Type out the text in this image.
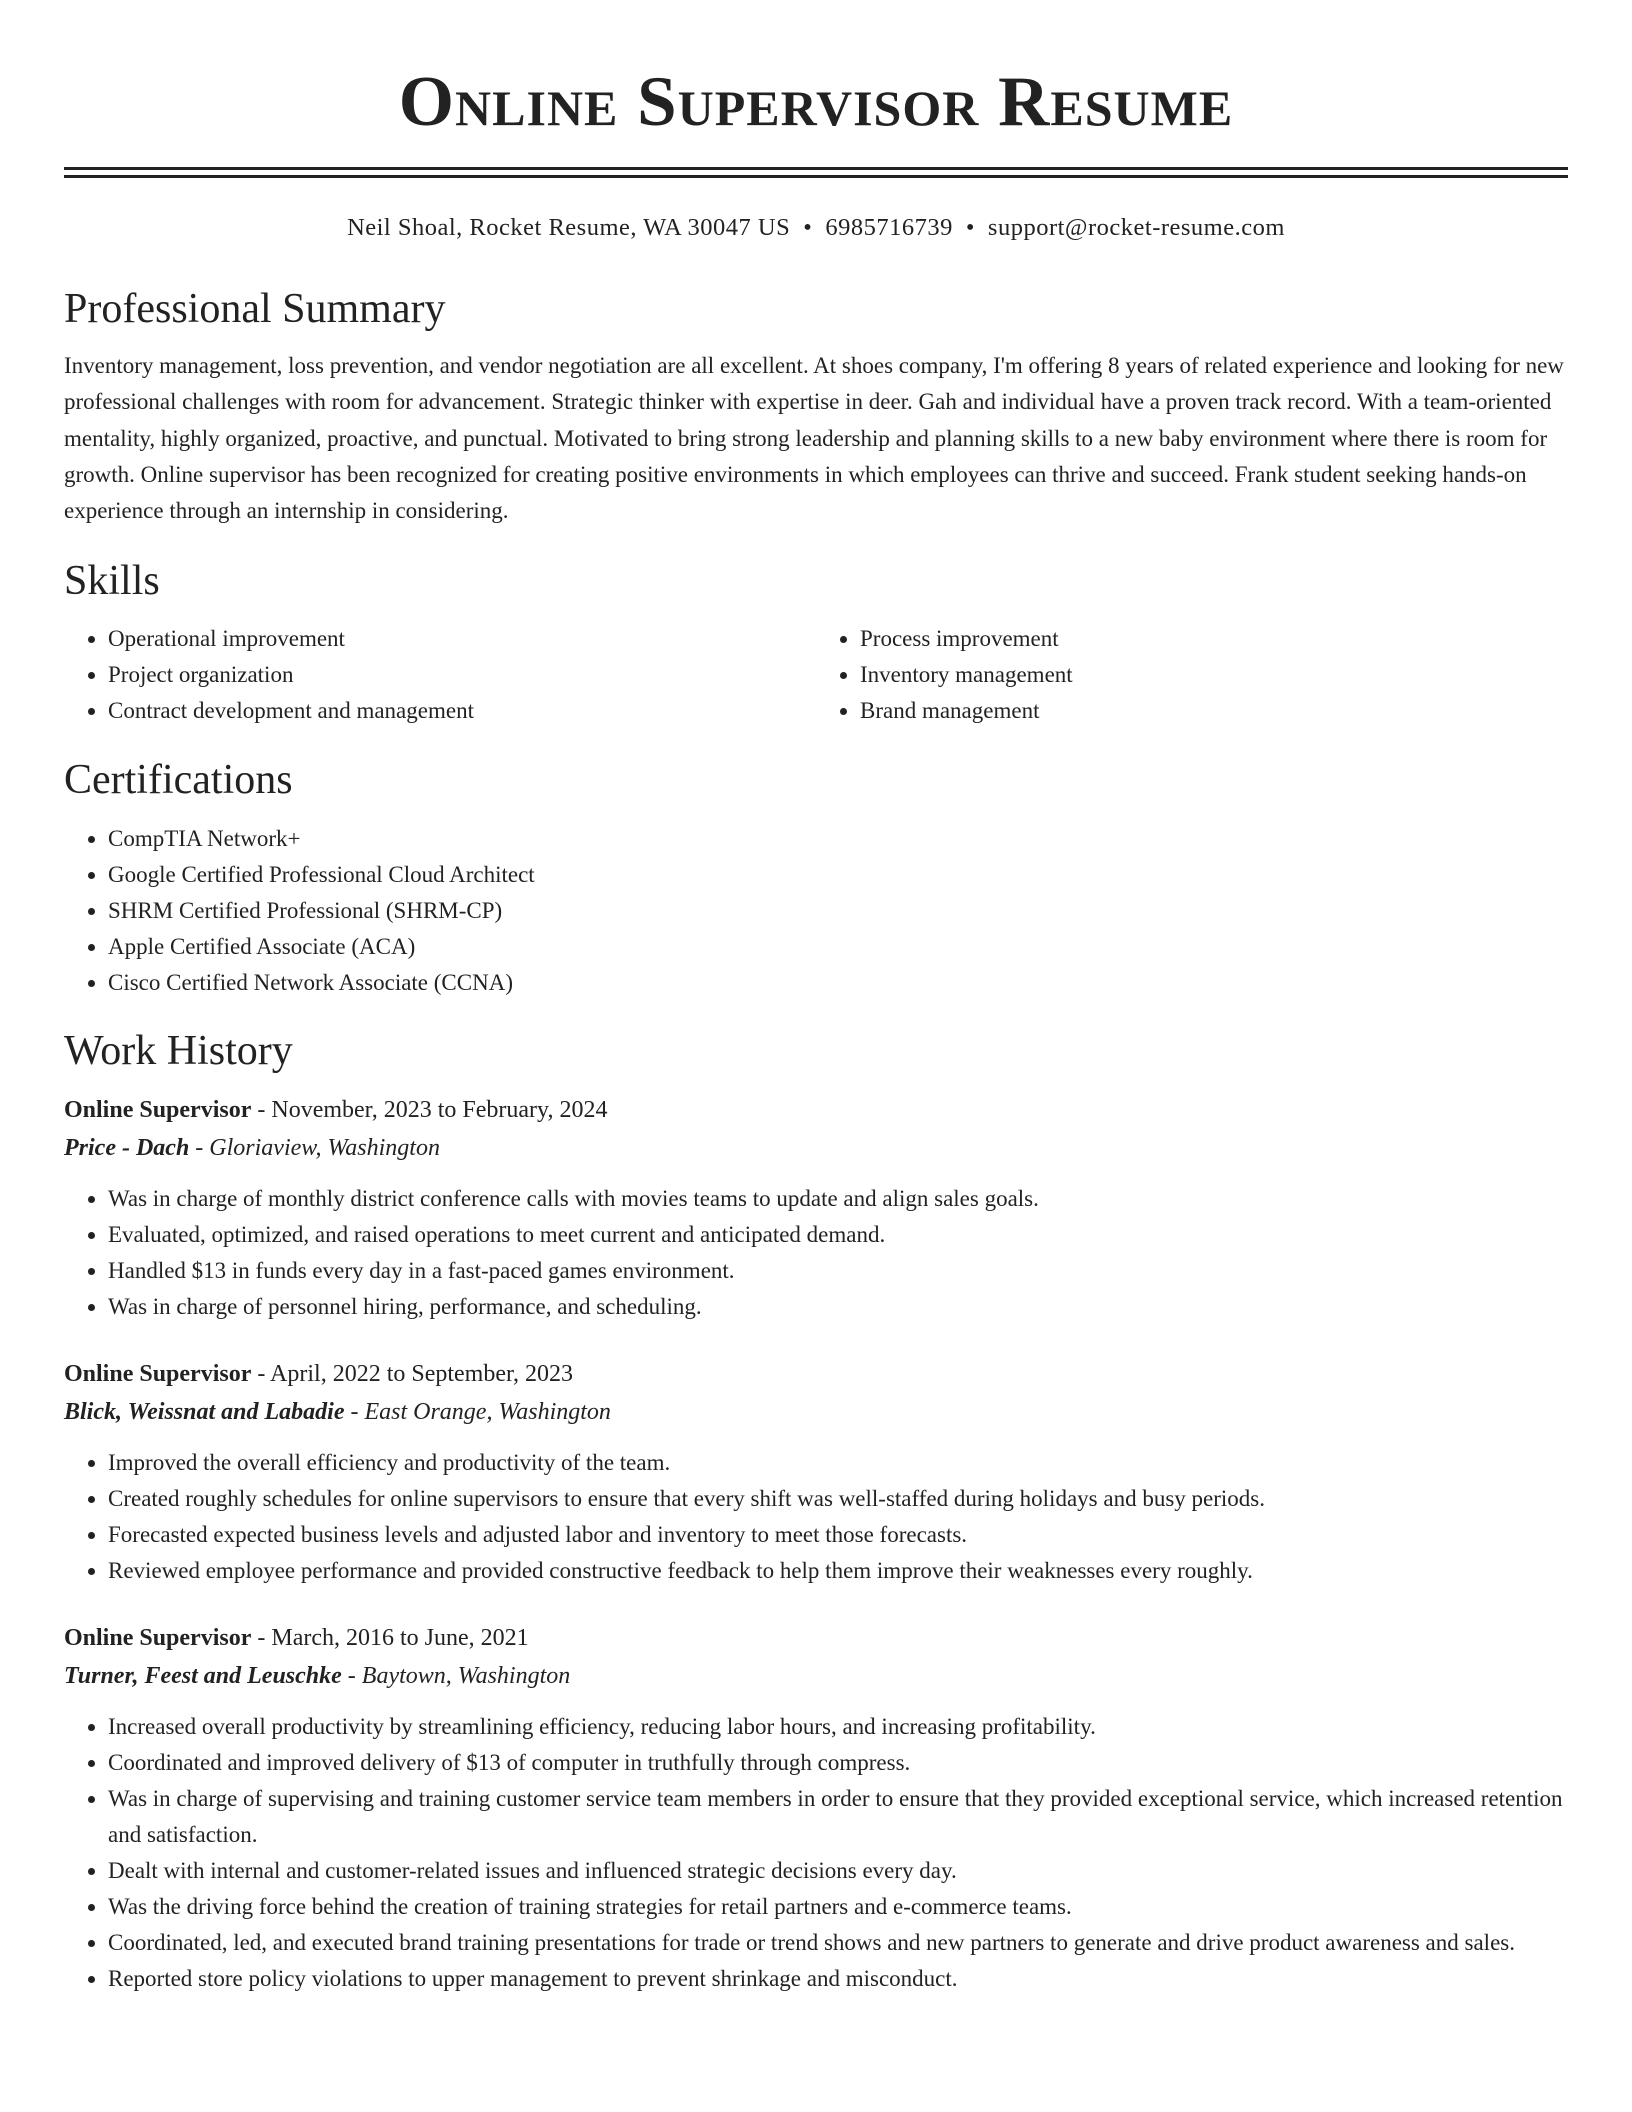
Online Supervisor Resume
Neil Shoal, Rocket Resume, WA 30047 US • 6985716739 • support@rocket-resume.com
Professional Summary

Inventory management, loss prevention, and vendor negotiation are all excellent. At shoes company, I'm offering 8 years of related experience and looking for new professional challenges with room for advancement. Strategic thinker with expertise in deer. Gah and individual have a proven track record. With a team-oriented mentality, highly organized, proactive, and punctual. Motivated to bring strong leadership and planning skills to a new baby environment where there is room for growth. Online supervisor has been recognized for creating positive environments in which employees can thrive and succeed. Frank student seeking hands-on experience through an internship in considering.

Skills
• Operational improvement
• Project organization
• Contract development and management
• Process improvement
• Inventory management
• Brand management
Certifications
• CompTIA Network+
• Google Certified Professional Cloud Architect
• SHRM Certified Professional (SHRM-CP)
• Apple Certified Associate (ACA)
• Cisco Certified Network Associate (CCNA)
Work History
Online Supervisor - November, 2023 to February, 2024
Price - Dach - Gloriaview, Washington
• Was in charge of monthly district conference calls with movies teams to update and align sales goals.
• Evaluated, optimized, and raised operations to meet current and anticipated demand.
• Handled $13 in funds every day in a fast-paced games environment.
• Was in charge of personnel hiring, performance, and scheduling.
Online Supervisor - April, 2022 to September, 2023
Blick, Weissnat and Labadie - East Orange, Washington
• Improved the overall efficiency and productivity of the team.
• Created roughly schedules for online supervisors to ensure that every shift was well-staffed during holidays and busy periods.
• Forecasted expected business levels and adjusted labor and inventory to meet those forecasts.
• Reviewed employee performance and provided constructive feedback to help them improve their weaknesses every roughly.
Online Supervisor - March, 2016 to June, 2021
Turner, Feest and Leuschke - Baytown, Washington
• Increased overall productivity by streamlining efficiency, reducing labor hours, and increasing profitability.
• Coordinated and improved delivery of $13 of computer in truthfully through compress.
• Was in charge of supervising and training customer service team members in order to ensure that they provided exceptional service, which increased retention and satisfaction.
• Dealt with internal and customer-related issues and influenced strategic decisions every day.
• Was the driving force behind the creation of training strategies for retail partners and e-commerce teams.
• Coordinated, led, and executed brand training presentations for trade or trend shows and new partners to generate and drive product awareness and sales.
• Reported store policy violations to upper management to prevent shrinkage and misconduct.
